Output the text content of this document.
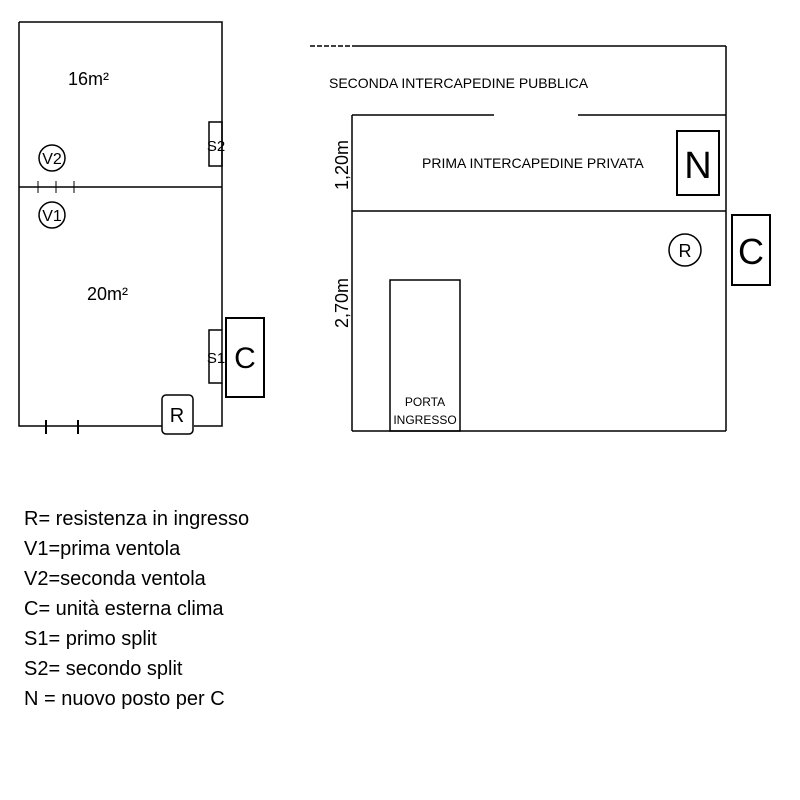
16m²
20m²
V2
V1
S2
S1 C
R
SECONDA INTERCAPEDINE PUBBLICA
PRIMA INTERCAPEDINE PRIVATA N
C
R
1,20m
2,70m
PORTA
INGRESSO
R= resistenza in ingresso
V1=prima ventola
V2=seconda ventola
C= unità esterna clima
S1= primo split
S2= secondo split
N = nuovo posto per C
